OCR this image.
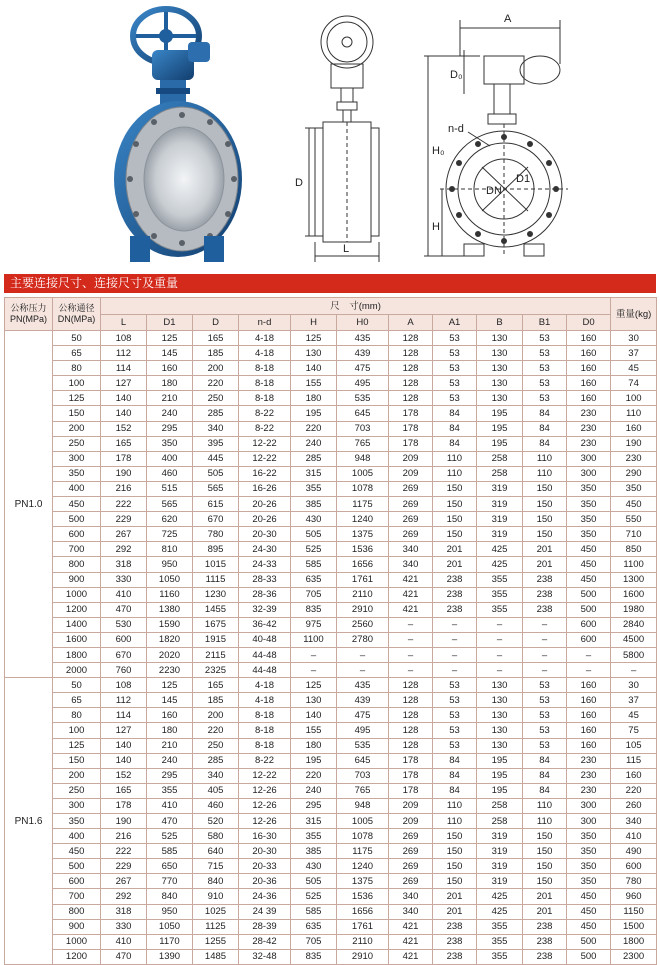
D
L
A
D₀
n-d
H₀
H
DN
D1
主要连接尺寸、连接尺寸及重量
公称压力
PN(MPa)	公称通径
DN(MPa)	尺　寸(mm)											重量(kg)
		L	D1	D	n-d	H	H0	A	A1	B	B1	D0	
PN1.0	50	108	125	165	4-18	125	435	128	53	130	53	160	30
	65	112	145	185	4-18	130	439	128	53	130	53	160	37
	80	114	160	200	8-18	140	475	128	53	130	53	160	45
	100	127	180	220	8-18	155	495	128	53	130	53	160	74
	125	140	210	250	8-18	180	535	128	53	130	53	160	100
	150	140	240	285	8-22	195	645	178	84	195	84	230	110
	200	152	295	340	8-22	220	703	178	84	195	84	230	160
	250	165	350	395	12-22	240	765	178	84	195	84	230	190
	300	178	400	445	12-22	285	948	209	110	258	110	300	230
	350	190	460	505	16-22	315	1005	209	110	258	110	300	290
	400	216	515	565	16-26	355	1078	269	150	319	150	350	350
	450	222	565	615	20-26	385	1175	269	150	319	150	350	450
	500	229	620	670	20-26	430	1240	269	150	319	150	350	550
	600	267	725	780	20-30	505	1375	269	150	319	150	350	710
	700	292	810	895	24-30	525	1536	340	201	425	201	450	850
	800	318	950	1015	24-33	585	1656	340	201	425	201	450	1100
	900	330	1050	1115	28-33	635	1761	421	238	355	238	450	1300
	1000	410	1160	1230	28-36	705	2110	421	238	355	238	500	1600
	1200	470	1380	1455	32-39	835	2910	421	238	355	238	500	1980
	1400	530	1590	1675	36-42	975	2560	–	–	–	–	600	2840
	1600	600	1820	1915	40-48	1100	2780	–	–	–	–	600	4500
	1800	670	2020	2115	44-48	–	–	–	–	–	–	–	5800
	2000	760	2230	2325	44-48	–	–	–	–	–	–	–	–
PN1.6	50	108	125	165	4-18	125	435	128	53	130	53	160	30
	65	112	145	185	4-18	130	439	128	53	130	53	160	37
	80	114	160	200	8-18	140	475	128	53	130	53	160	45
	100	127	180	220	8-18	155	495	128	53	130	53	160	75
	125	140	210	250	8-18	180	535	128	53	130	53	160	105
	150	140	240	285	8-22	195	645	178	84	195	84	230	115
	200	152	295	340	12-22	220	703	178	84	195	84	230	160
	250	165	355	405	12-26	240	765	178	84	195	84	230	220
	300	178	410	460	12-26	295	948	209	110	258	110	300	260
	350	190	470	520	12-26	315	1005	209	110	258	110	300	340
	400	216	525	580	16-30	355	1078	269	150	319	150	350	410
	450	222	585	640	20-30	385	1175	269	150	319	150	350	490
	500	229	650	715	20-33	430	1240	269	150	319	150	350	600
	600	267	770	840	20-36	505	1375	269	150	319	150	350	780
	700	292	840	910	24-36	525	1536	340	201	425	201	450	960
	800	318	950	1025	24 39	585	1656	340	201	425	201	450	1150
	900	330	1050	1125	28-39	635	1761	421	238	355	238	450	1500
	1000	410	1170	1255	28-42	705	2110	421	238	355	238	500	1800
	1200	470	1390	1485	32-48	835	2910	421	238	355	238	500	2300
